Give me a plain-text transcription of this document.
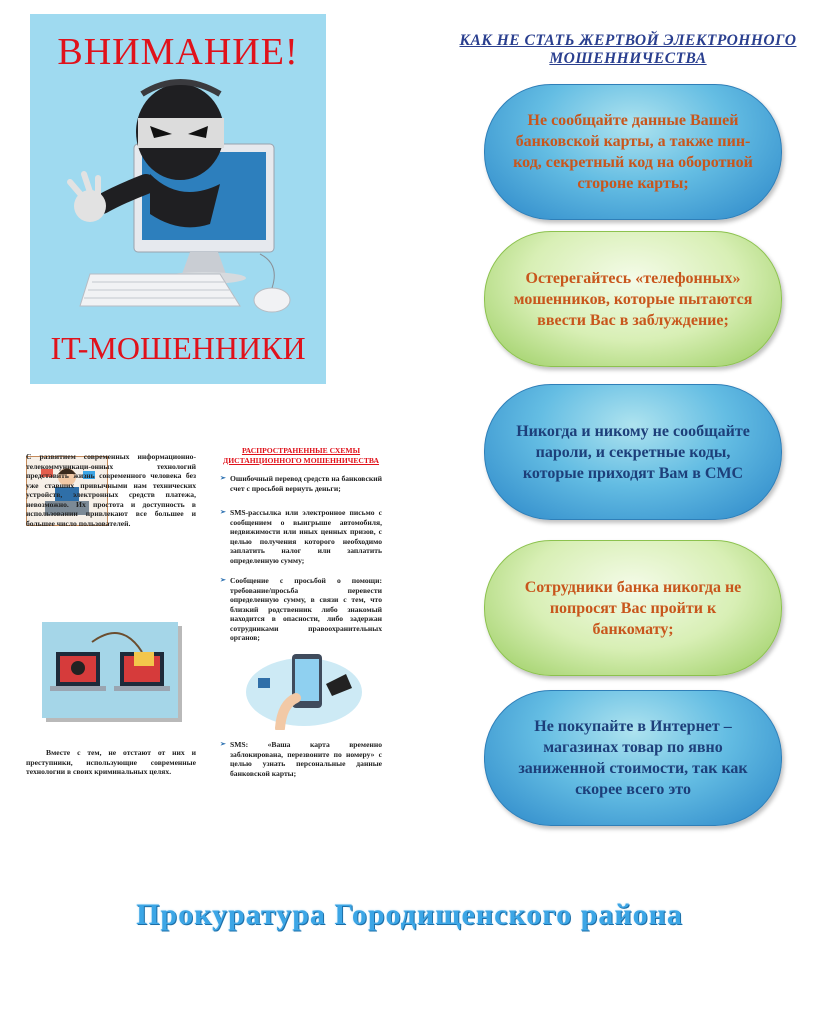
ВНИМАНИЕ!
IT-МОШЕННИКИ
КАК НЕ СТАТЬ ЖЕРТВОЙ ЭЛЕКТРОННОГО МОШЕННИЧЕСТВА
Не сообщайте данные Вашей банковской карты, а также пин-код, секретный код на оборотной стороне карты;
Остерегайтесь «телефонных» мошенников, которые пытаются ввести Вас в заблуждение;
Никогда и никому не сообщайте пароли, и секретные коды, которые приходят Вам в СМС
Сотрудники банка никогда не попросят Вас пройти к банкомату;
Не покупайте в Интернет – магазинах товар по явно заниженной стоимости, так как скорее всего это
С развитием современных информационно-телекоммуникаци-онных технологий представить жизнь современного человека без уже ставших привычными нам технических устройств, электронных средств платежа, невозможно. Их простота и доступность в использовании привлекают все большее и большее число пользователей.
Вместе с тем, не отстают от них и преступники, использующие современные технологии в своих криминальных целях.
РАСПРОСТРАНЕННЫЕ СХЕМЫ ДИСТАНЦИОННОГО МОШЕННИЧЕСТВА
➢ Ошибочный перевод средств на банковский счет с просьбой вернуть деньги;
➢ SMS-рассылка или электронное письмо с сообщением о выигрыше автомобиля, недвижимости или иных ценных призов, с целью получения которого необходимо заплатить налог или заплатить определенную сумму;
➢ Сообщение с просьбой о помощи: требование/просьба перевести определенную сумму, в связи с тем, что близкий родственник либо знакомый находится в опасности, либо задержан сотрудниками правоохранительных органов;
➢ SMS: «Ваша карта временно заблокирована, перезвоните по номеру» с целью узнать персональные данные банковской карты;
Прокуратура Городищенского района
